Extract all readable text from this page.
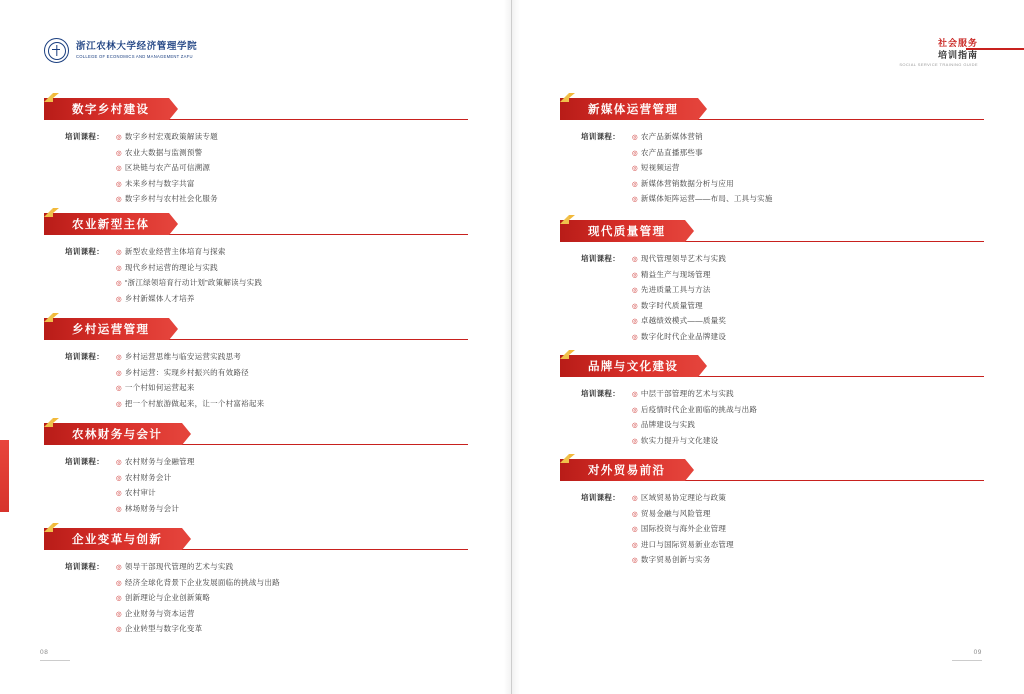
浙江农林大学经济管理学院
COLLEGE OF ECONOMICS AND MANAGEMENT ZAFU
数字乡村建设
培训课程：	◎ 数字乡村宏观政策解读专题
◎ 农业大数据与监测预警
◎ 区块链与农产品可信溯源
◎ 未来乡村与数字共富
◎ 数字乡村与农村社会化服务
农业新型主体
培训课程：	◎ 新型农业经营主体培育与探索
◎ 现代乡村运营的理论与实践
◎ “浙江绿领培育行动计划”政策解读与实践
◎ 乡村新媒体人才培养
乡村运营管理
培训课程：	◎ 乡村运营思维与临安运营实践思考
◎ 乡村运营：实现乡村振兴的有效路径
◎ 一个村如何运营起来
◎ 把一个村旅游做起来，让一个村富裕起来
农林财务与会计
培训课程：	◎ 农村财务与金融管理
◎ 农村财务会计
◎ 农村审计
◎ 林场财务与会计
企业变革与创新
培训课程：	◎ 领导干部现代管理的艺术与实践
◎ 经济全球化背景下企业发展面临的挑战与出路
◎ 创新理论与企业创新策略
◎ 企业财务与资本运营
◎ 企业转型与数字化变革
08
社会服务
培训指南
SOCIAL SERVICE TRAINING GUIDE
新媒体运营管理
培训课程：	◎ 农产品新媒体营销
◎ 农产品直播那些事
◎ 短视频运营
◎ 新媒体营销数据分析与应用
◎ 新媒体矩阵运营——布局、工具与实施
现代质量管理
培训课程：	◎ 现代管理领导艺术与实践
◎ 精益生产与现场管理
◎ 先进质量工具与方法
◎ 数字时代质量管理
◎ 卓越绩效模式——质量奖
◎ 数字化时代企业品牌建设
品牌与文化建设
培训课程：	◎ 中层干部管理的艺术与实践
◎ 后疫情时代企业面临的挑战与出路
◎ 品牌建设与实践
◎ 软实力提升与文化建设
对外贸易前沿
培训课程：	◎ 区域贸易协定理论与政策
◎ 贸易金融与风险管理
◎ 国际投资与海外企业管理
◎ 进口与国际贸易新业态管理
◎ 数字贸易创新与实务
09
